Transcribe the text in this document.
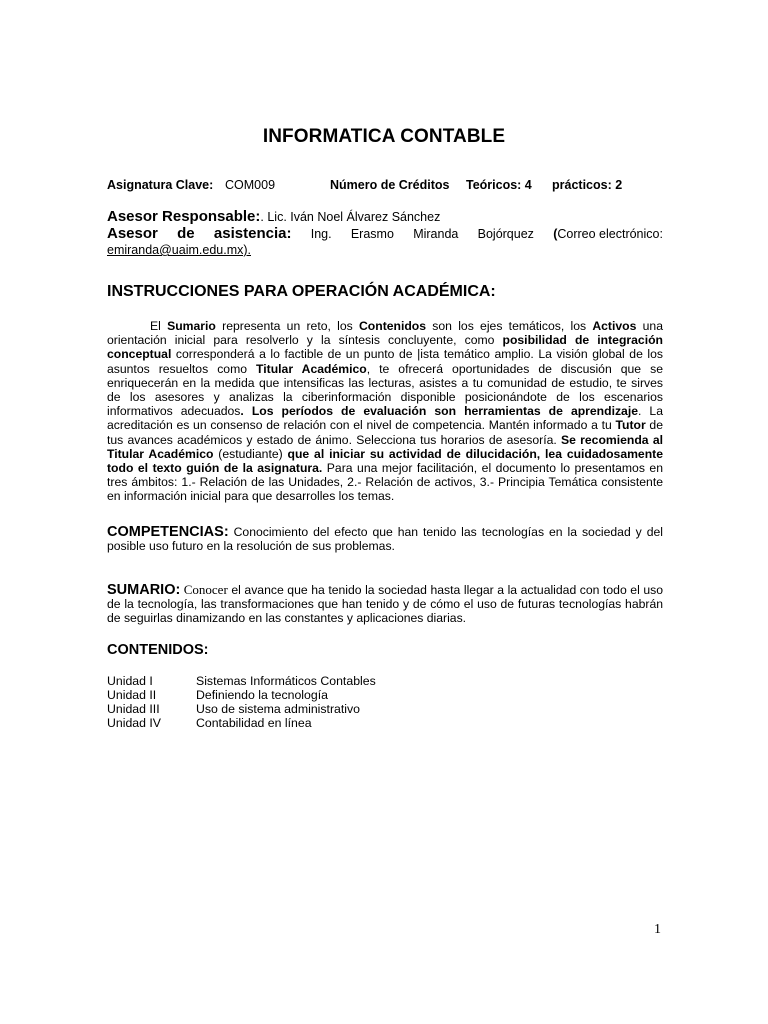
INFORMATICA CONTABLE
Asignatura Clave: COM009	Número de Créditos Teóricos: 4 prácticos: 2
Asesor Responsable:. Lic. Iván Noel Álvarez Sánchez
Asesor de asistencia: Ing. Erasmo Miranda Bojórquez (Correo electrónico:
emiranda@uaim.edu.mx).
INSTRUCCIONES PARA OPERACIÓN ACADÉMICA:
El Sumario representa un reto, los Contenidos son los ejes temáticos, los Activos una orientación inicial para resolverlo y la síntesis concluyente, como posibilidad de integración conceptual corresponderá a lo factible de un punto de |ista temático amplio. La visión global de los asuntos resueltos como Titular Académico, te ofrecerá oportunidades de discusión que se enriquecerán en la medida que intensificas las lecturas, asistes a tu comunidad de estudio, te sirves de los asesores y analizas la ciberinformación disponible posicionándote de los escenarios informativos adecuados. Los períodos de evaluación son herramientas de aprendizaje. La acreditación es un consenso de relación con el nivel de competencia. Mantén informado a tu Tutor de tus avances académicos y estado de ánimo. Selecciona tus horarios de asesoría. Se recomienda al Titular Académico (estudiante) que al iniciar su actividad de dilucidación, lea cuidadosamente todo el texto guión de la asignatura. Para una mejor facilitación, el documento lo presentamos en tres ámbitos: 1.- Relación de las Unidades, 2.- Relación de activos, 3.- Principia Temática consistente en información inicial para que desarrolles los temas.
COMPETENCIAS: Conocimiento del efecto que han tenido las tecnologías en la sociedad y del posible uso futuro en la resolución de sus problemas.
SUMARIO: Conocer el avance que ha tenido la sociedad hasta llegar a la actualidad con todo el uso de la tecnología, las transformaciones que han tenido y de cómo el uso de futuras tecnologías habrán de seguirlas dinamizando en las constantes y aplicaciones diarias.
CONTENIDOS:
Unidad I	Sistemas Informáticos Contables
Unidad II	Definiendo la tecnología
Unidad III	Uso de sistema administrativo
Unidad IV	Contabilidad en línea
1
